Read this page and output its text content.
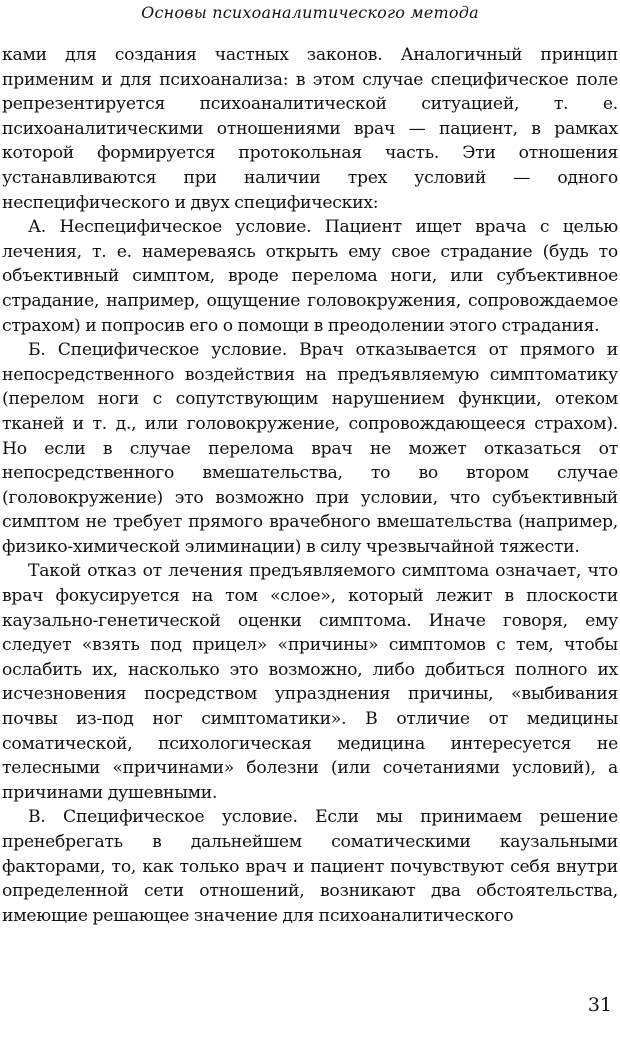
Основы психоаналитического метода

ками для создания частных законов. Аналогичный принцип применим и для психоанализа: в этом случае специфическое поле репрезентируется психоаналитической ситуацией, т. е. психоаналитическими отношениями врач — пациент, в рамках которой формируется протокольная часть. Эти отношения устанавливаются при наличии трех условий — одного неспецифического и двух специфических:

А. Неспецифическое условие. Пациент ищет врача с целью лечения, т. е. намереваясь открыть ему свое страдание (будь то объективный симптом, вроде перелома ноги, или субъективное страдание, например, ощущение головокружения, сопровождаемое страхом) и попросив его о помощи в преодолении этого страдания.

Б. Специфическое условие. Врач отказывается от прямого и непосредственного воздействия на предъявляемую симптоматику (перелом ноги с сопутствующим нарушением функции, отеком тканей и т. д., или головокружение, сопровождающееся страхом). Но если в случае перелома врач не может отказаться от непосредственного вмешательства, то во втором случае (головокружение) это возможно при условии, что субъективный симптом не требует прямого врачебного вмешательства (например, физико-химической элиминации) в силу чрезвычайной тяжести.

Такой отказ от лечения предъявляемого симптома означает, что врач фокусируется на том «слое», который лежит в плоскости каузально-генетической оценки симптома. Иначе говоря, ему следует «взять под прицел» «причины» симптомов с тем, чтобы ослабить их, насколько это возможно, либо добиться полного их исчезновения посредством упразднения причины, «выбивания почвы из-под ног симптоматики». В отличие от медицины соматической, психологическая медицина интересуется не телесными «причинами» болезни (или сочетаниями условий), а причинами душевными.

В. Специфическое условие. Если мы принимаем решение пренебрегать в дальнейшем соматическими каузальными факторами, то, как только врач и пациент почувствуют себя внутри определенной сети отношений, возникают два обстоятельства, имеющие решающее значение для психоаналитического

31
